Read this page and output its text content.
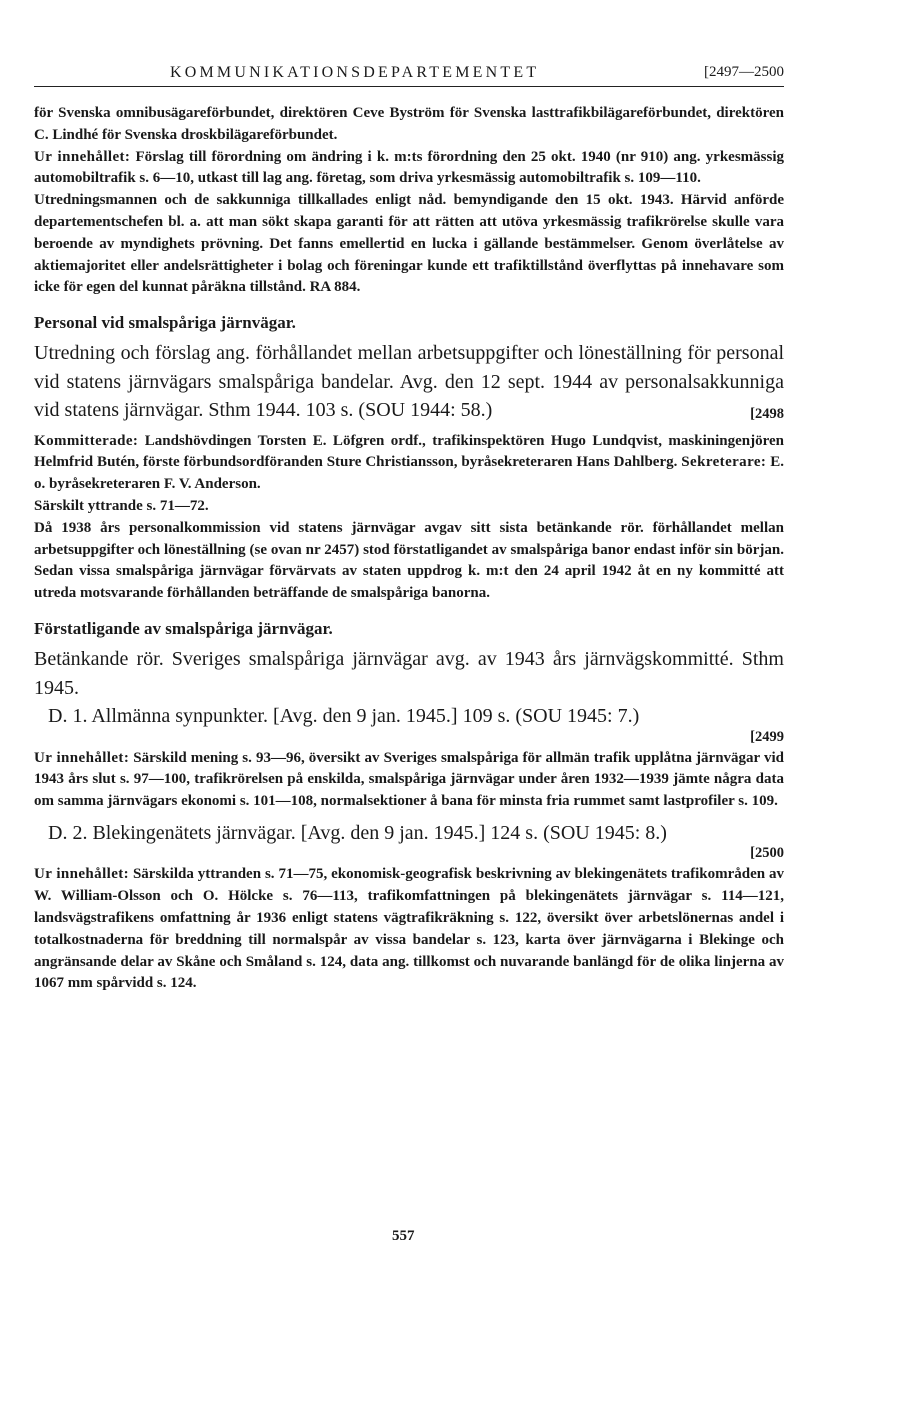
KOMMUNIKATIONSDEPARTEMENTET	[2497—2500

för Svenska omnibusägareförbundet, direktören Ceve Byström för Svenska lasttrafikbilägareförbundet, direktören C. Lindhé för Svenska droskbilägareförbundet.

Ur innehållet: Förslag till förordning om ändring i k. m:ts förordning den 25 okt. 1940 (nr 910) ang. yrkesmässig automobiltrafik s. 6—10, utkast till lag ang. företag, som driva yrkesmässig automobiltrafik s. 109—110.

Utredningsmannen och de sakkunniga tillkallades enligt nåd. bemyndigande den 15 okt. 1943. Härvid anförde departementschefen bl. a. att man sökt skapa garanti för att rätten att utöva yrkesmässig trafikrörelse skulle vara beroende av myndighets prövning. Det fanns emellertid en lucka i gällande bestämmelser. Genom överlåtelse av aktiemajoritet eller andelsrättigheter i bolag och föreningar kunde ett trafiktillstånd överflyttas på innehavare som icke för egen del kunnat påräkna tillstånd. RA 884.

Personal vid smalspåriga järnvägar.

Utredning och förslag ang. förhållandet mellan arbetsuppgifter och löneställning för personal vid statens järnvägars smalspåriga bandelar. Avg. den 12 sept. 1944 av personalsakkunniga vid statens järnvägar. Sthm 1944. 103 s. (SOU 1944: 58.)	[2498

Kommitterade: Landshövdingen Torsten E. Löfgren ordf., trafikinspektören Hugo Lundqvist, maskiningenjören Helmfrid Butén, förste förbundsordföranden Sture Christiansson, byråsekreteraren Hans Dahlberg. Sekreterare: E. o. byråsekreteraren F. V. Anderson.

Särskilt yttrande s. 71—72.

Då 1938 års personalkommission vid statens järnvägar avgav sitt sista betänkande rör. förhållandet mellan arbetsuppgifter och löneställning (se ovan nr 2457) stod förstatligandet av smalspåriga banor endast inför sin början. Sedan vissa smalspåriga järnvägar förvärvats av staten uppdrog k. m:t den 24 april 1942 åt en ny kommitté att utreda motsvarande förhållanden beträffande de smalspåriga banorna.

Förstatligande av smalspåriga järnvägar.

Betänkande rör. Sveriges smalspåriga järnvägar avg. av 1943 års järnvägskommitté. Sthm 1945.

D. 1. Allmänna synpunkter. [Avg. den 9 jan. 1945.] 109 s. (SOU 1945: 7.)

[2499

Ur innehållet: Särskild mening s. 93—96, översikt av Sveriges smalspåriga för allmän trafik upplåtna järnvägar vid 1943 års slut s. 97—100, trafikrörelsen på enskilda, smalspåriga järnvägar under åren 1932—1939 jämte några data om samma järnvägars ekonomi s. 101—108, normalsektioner å bana för minsta fria rummet samt lastprofiler s. 109.

D. 2. Blekingenätets järnvägar. [Avg. den 9 jan. 1945.] 124 s. (SOU 1945: 8.)

[2500

Ur innehållet: Särskilda yttranden s. 71—75, ekonomisk-geografisk beskrivning av blekingenätets trafikområden av W. William-Olsson och O. Hölcke s. 76—113, trafikomfattningen på blekingenätets järnvägar s. 114—121, landsvägstrafikens omfattning år 1936 enligt statens vägtrafikräkning s. 122, översikt över arbetslönernas andel i totalkostnaderna för breddning till normalspår av vissa bandelar s. 123, karta över järnvägarna i Blekinge och angränsande delar av Skåne och Småland s. 124, data ang. tillkomst och nuvarande banlängd för de olika linjerna av 1067 mm spårvidd s. 124.

557
